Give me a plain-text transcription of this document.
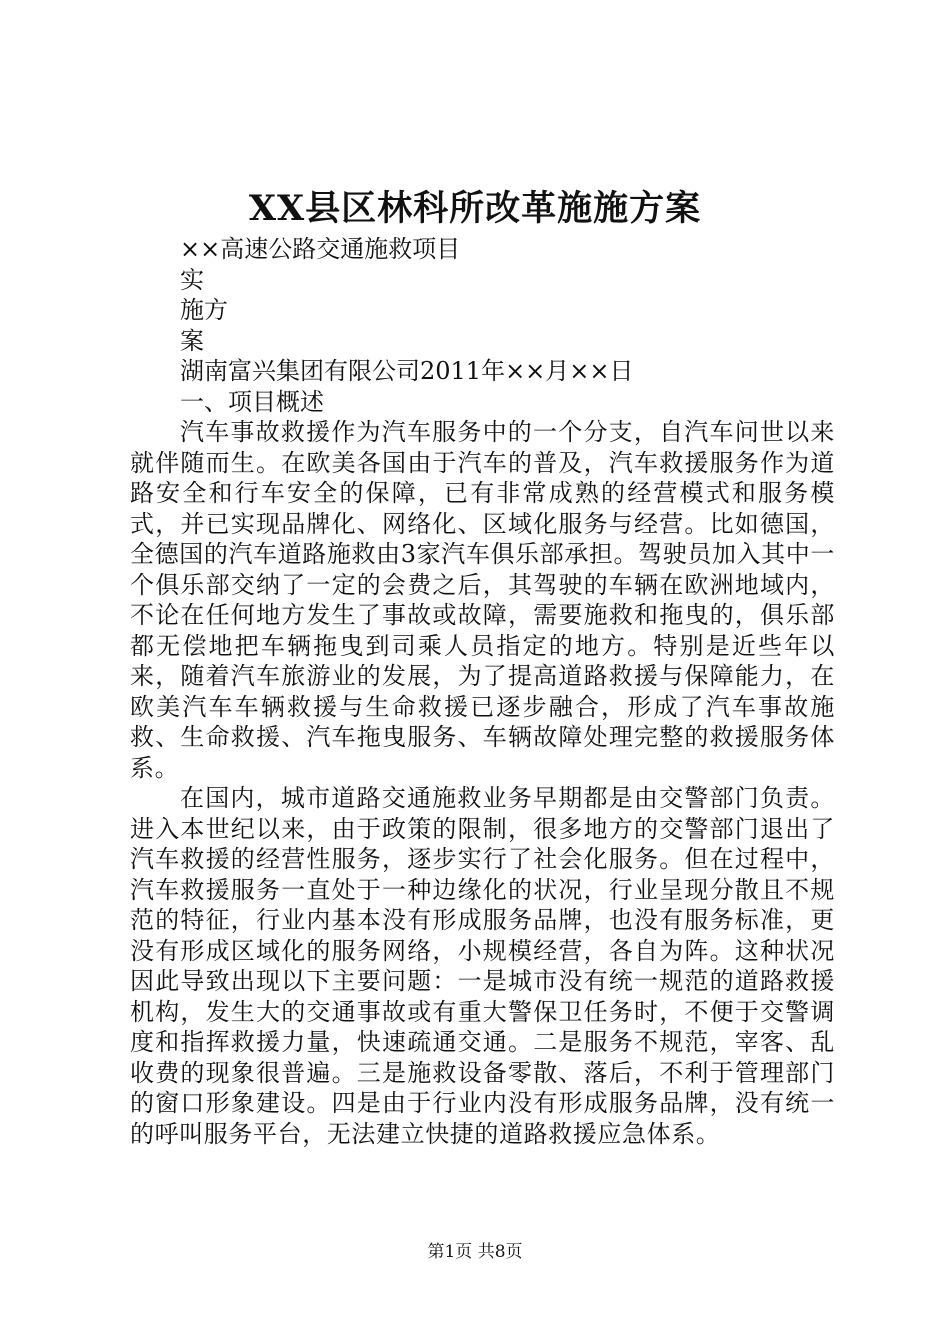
XX县区林科所改革施施方案
××高速公路交通施救项目
实
施方
案
湖南富兴集团有限公司2011年××月××日
一、项目概述

汽车事故救援作为汽车服务中的一个分支，自汽车问世以来就伴随而生。在欧美各国由于汽车的普及，汽车救援服务作为道路安全和行车安全的保障，已有非常成熟的经营模式和服务模式，并已实现品牌化、网络化、区域化服务与经营。比如德国，全德国的汽车道路施救由3家汽车俱乐部承担。驾驶员加入其中一个俱乐部交纳了一定的会费之后，其驾驶的车辆在欧洲地域内，不论在任何地方发生了事故或故障，需要施救和拖曳的，俱乐部都无偿地把车辆拖曳到司乘人员指定的地方。特别是近些年以来，随着汽车旅游业的发展，为了提高道路救援与保障能力，在欧美汽车车辆救援与生命救援已逐步融合，形成了汽车事故施救、生命救援、汽车拖曳服务、车辆故障处理完整的救援服务体系。

在国内，城市道路交通施救业务早期都是由交警部门负责。进入本世纪以来，由于政策的限制，很多地方的交警部门退出了汽车救援的经营性服务，逐步实行了社会化服务。但在过程中，汽车救援服务一直处于一种边缘化的状况，行业呈现分散且不规范的特征，行业内基本没有形成服务品牌，也没有服务标准，更没有形成区域化的服务网络，小规模经营，各自为阵。这种状况因此导致出现以下主要问题：一是城市没有统一规范的道路救援机构，发生大的交通事故或有重大警保卫任务时，不便于交警调度和指挥救援力量，快速疏通交通。二是服务不规范，宰客、乱收费的现象很普遍。三是施救设备零散、落后，不利于管理部门的窗口形象建设。四是由于行业内没有形成服务品牌，没有统一的呼叫服务平台，无法建立快捷的道路救援应急体系。

第1页 共8页
